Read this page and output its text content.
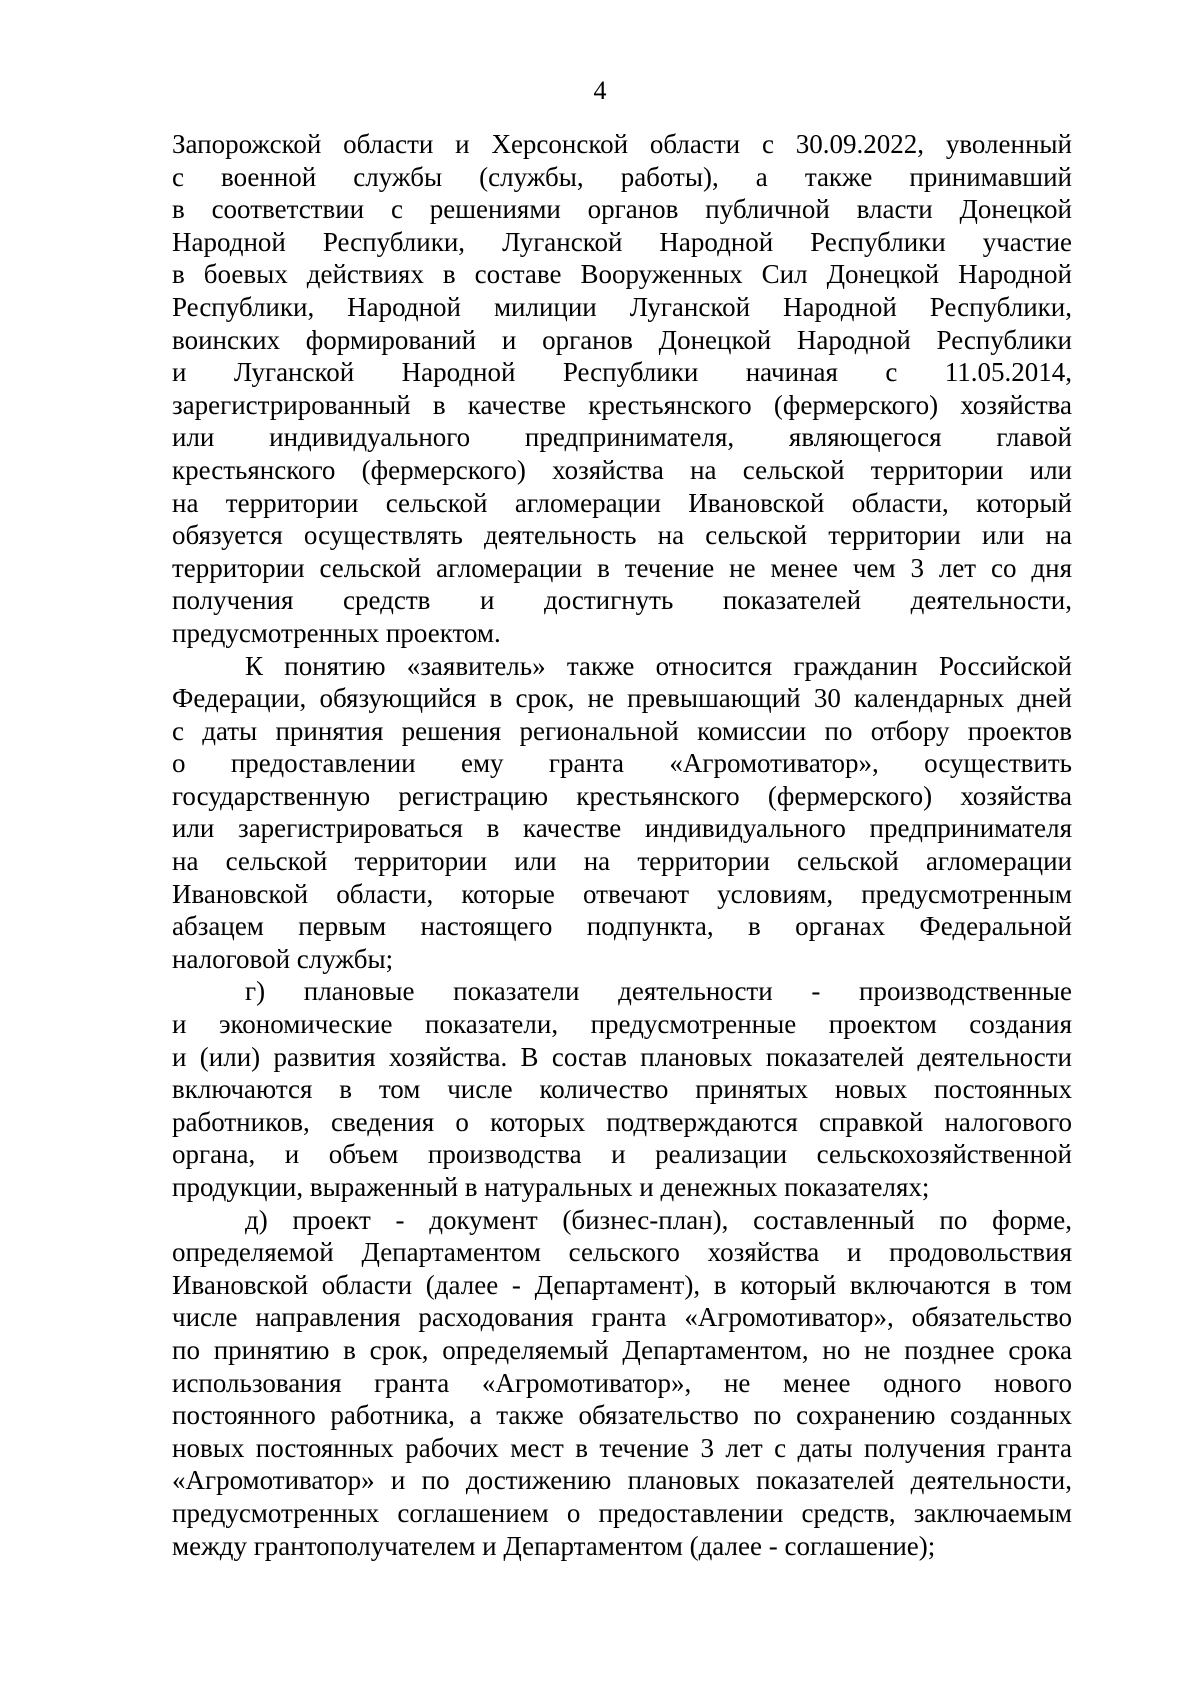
4
Запорожской области и Херсонской области с 30.09.2022, уволенный
с военной службы (службы, работы), а также принимавший
в соответствии с решениями органов публичной власти Донецкой
Народной Республики, Луганской Народной Республики участие
в боевых действиях в составе Вооруженных Сил Донецкой Народной
Республики, Народной милиции Луганской Народной Республики,
воинских формирований и органов Донецкой Народной Республики
и Луганской Народной Республики начиная с 11.05.2014,
зарегистрированный в качестве крестьянского (фермерского) хозяйства
или индивидуального предпринимателя, являющегося главой
крестьянского (фермерского) хозяйства на сельской территории или
на территории сельской агломерации Ивановской области, который
обязуется осуществлять деятельность на сельской территории или на
территории сельской агломерации в течение не менее чем 3 лет со дня
получения средств и достигнуть показателей деятельности,
предусмотренных проектом.
К понятию «заявитель» также относится гражданин Российской
Федерации, обязующийся в срок, не превышающий 30 календарных дней
с даты принятия решения региональной комиссии по отбору проектов
о предоставлении ему гранта «Агромотиватор», осуществить
государственную регистрацию крестьянского (фермерского) хозяйства
или зарегистрироваться в качестве индивидуального предпринимателя
на сельской территории или на территории сельской агломерации
Ивановской области, которые отвечают условиям, предусмотренным
абзацем первым настоящего подпункта, в органах Федеральной
налоговой службы;
г) плановые показатели деятельности - производственные
и экономические показатели, предусмотренные проектом создания
и (или) развития хозяйства. В состав плановых показателей деятельности
включаются в том числе количество принятых новых постоянных
работников, сведения о которых подтверждаются справкой налогового
органа, и объем производства и реализации сельскохозяйственной
продукции, выраженный в натуральных и денежных показателях;
д) проект - документ (бизнес-план), составленный по форме,
определяемой Департаментом сельского хозяйства и продовольствия
Ивановской области (далее - Департамент), в который включаются в том
числе направления расходования гранта «Агромотиватор», обязательство
по принятию в срок, определяемый Департаментом, но не позднее срока
использования гранта «Агромотиватор», не менее одного нового
постоянного работника, а также обязательство по сохранению созданных
новых постоянных рабочих мест в течение 3 лет с даты получения гранта
«Агромотиватор» и по достижению плановых показателей деятельности,
предусмотренных соглашением о предоставлении средств, заключаемым
между грантополучателем и Департаментом (далее - соглашение);
